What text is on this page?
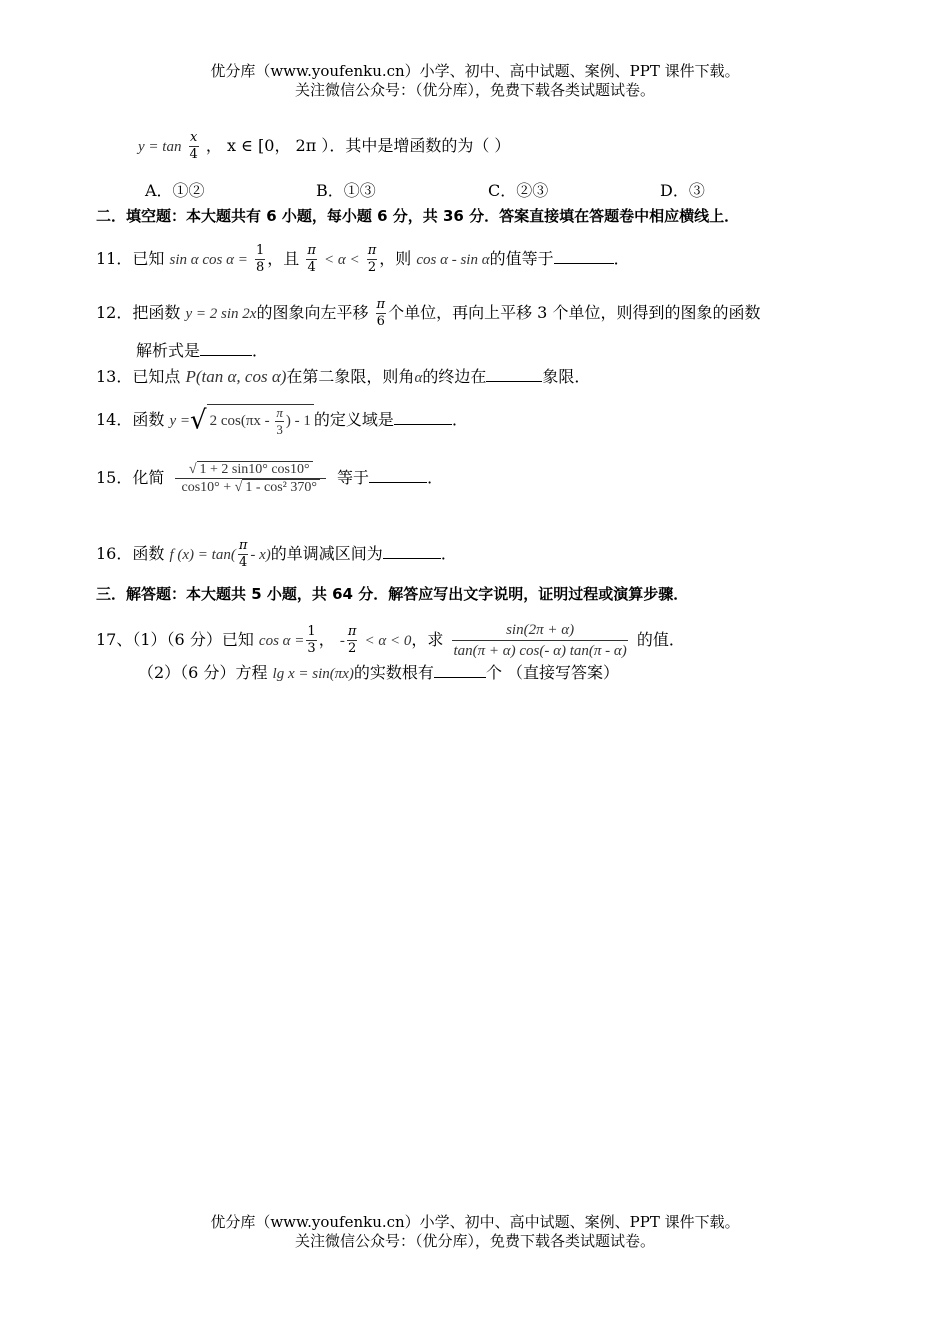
优分库（www.youfenku.cn）小学、初中、高中试题、案例、PPT 课件下载。
关注微信公众号：（优分库），免费下载各类试题试卷。
$y = \tan \frac{x}{4}$ ， x ∈ [0， 2π ）．其中是增函数的为（ ）
A．①②	B．①③	C．②③	D．③
二．填空题：本大题共有 6 小题，每小题 6 分，共 36 分．答案直接填在答题卷中相应横线上．
11．已知 sin α $\cos \alpha = \frac{1}{8}$ ，且 $\frac{\pi}{4} < \alpha < \frac{\pi}{2}$ ，则 cos α - sin α的值等于	．
12．把函数 y = 2 sin 2x的图象向左平移 $\frac{\pi}{6}$ 个单位，再向上平移 3 个单位，则得到的图象的函数
解析式是	．
13．已知点 P(tan α, cos α)在第二象限，则角α的终边在	象限．
14．函数 y =√ 2 $\cos(\pi x - \frac{\pi}{3}$ ) - 1 的定义域是	．
15．化简 $\frac{√ 1 + 2 \sin 10^\circ \cos 10^\circ}{\text{cos10° + √ 1 - cos² 370°}}$ 等于	．
16．函数 f $(x) = \tan( \frac{\pi}{4} - x)$的单调减区间为	．
三．解答题：本大题共 5 小题，共 64 分．解答应写出文字说明，证明过程或演算步骤．
17、（1）（6 分）已知 $\cos \alpha = \frac{1}{3}$ ， - $\frac{\pi}{2} < \alpha < 0$，求 $\frac{\sin(2\pi + \alpha)}{\tan(\pi + \alpha) \cos(- \alpha) \tan(\pi - \alpha)}$ 的值．
（2）（6 分）方程 lg x = sin(πx)的实数根有	个 （直接写答案）
优分库（www.youfenku.cn）小学、初中、高中试题、案例、PPT 课件下载。
关注微信公众号：（优分库），免费下载各类试题试卷。
